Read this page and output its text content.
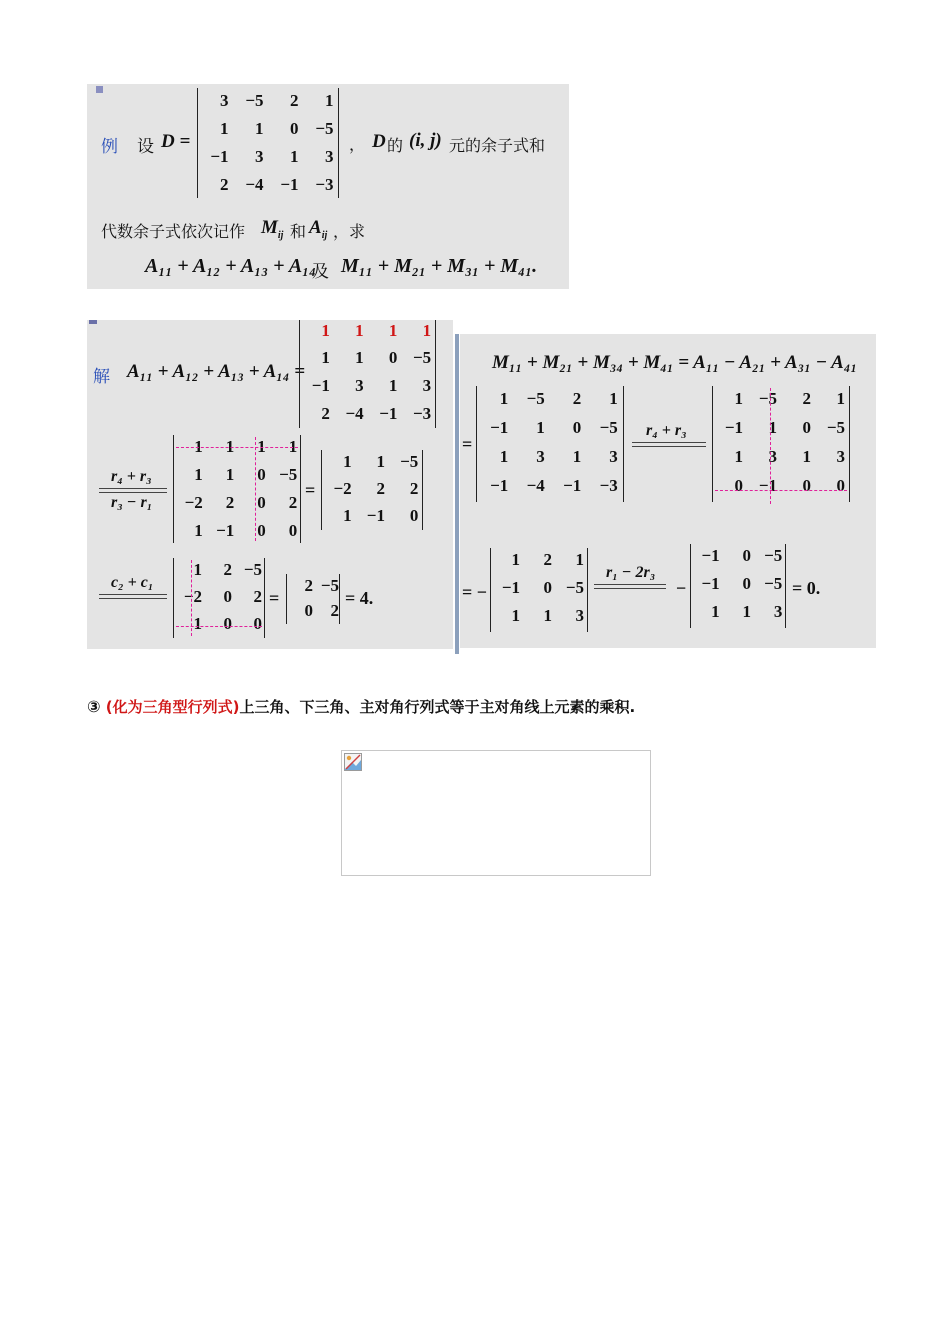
例 设 D =
3 −5	2	1
1	1	0 −5
−1	3	1	3
2 −4 −1 −3
， D 的 (i, j) 元的余子式和
代数余子式依次记作 $M_{ij}$ 和 $A_{ij}$ ，求
A₁₁ + A₁₂ + A₁₃ + A₁₄
及 M₁₁ + M₂₁ + M₃₁ + M₄₁.
解 A₁₁ + A₁₂ + A₁₃ + A₁₄ =
1	1	1	1
1	1	0 −5
−1	3	1	3
2 −4 −1 −3
r₄ + r₃
r₃ − r₁
1	1	1	1
1	1	0 −5
−2	2	0	2
1 −1	0	0
=
1	1 −5
−2	2	2
1 −1	0
c₂ + c₁
1	2 −5
−2	0	2
1	0	0
=
2 −5
0	2
= 4.
M₁₁ + M₂₁ + M₃₄ + M₄₁ = A₁₁ − A₂₁ + A₃₁ − A₄₁
=
1	−5	2	1
−1	1	0	−5
1	3	1	3
−1	−4	−1	−3
r₄ + r₃
1 −5	2	1
−1	1	0 −5
1	3	1	3
0 −1	0	0
= −
1	2	1
−1	0 −5
1	1	3
r₁ − 2r₃
−
−1	0 −5
−1	0 −5
1	1	3
= 0.
③ (化为三角型行列式)上三角、下三角、主对角行列式等于主对角线上元素的乘积.
